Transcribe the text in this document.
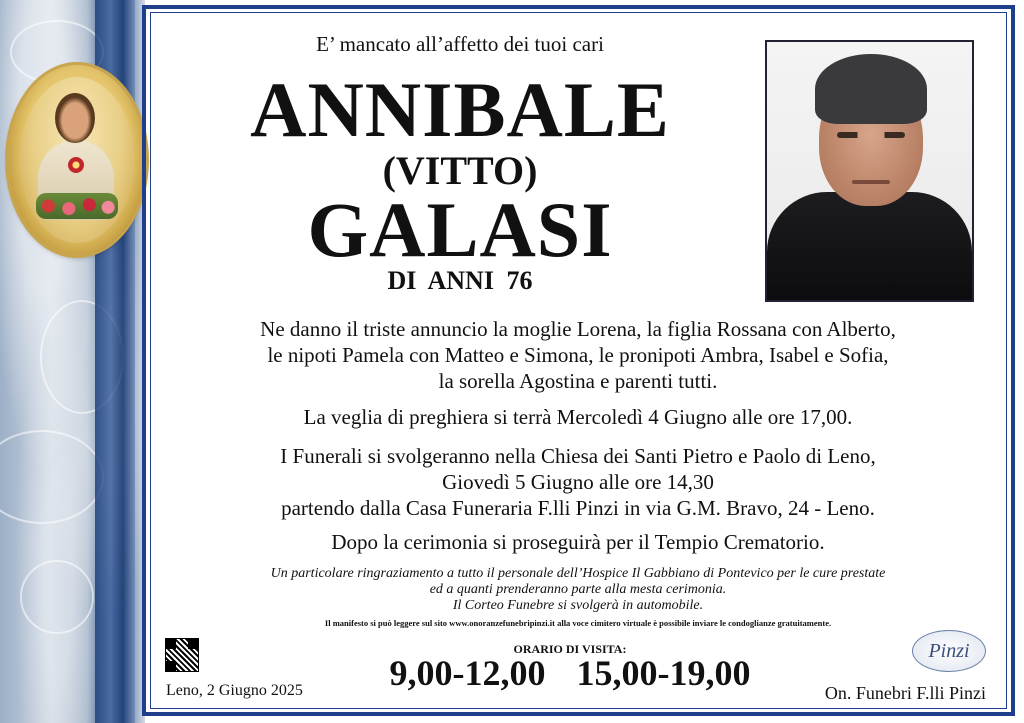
E’ mancato all’affetto dei tuoi cari
ANNIBALE
(VITTO)
GALASI
DI ANNI 76
Ne danno il triste annuncio la moglie Lorena, la figlia Rossana con Alberto,
le nipoti Pamela con Matteo e Simona, le pronipoti Ambra, Isabel e Sofia,
la sorella Agostina e parenti tutti.
La veglia di preghiera si terrà Mercoledì 4 Giugno alle ore 17,00.
I Funerali si svolgeranno nella Chiesa dei Santi Pietro e Paolo di Leno,
Giovedì 5 Giugno alle ore 14,30
partendo dalla Casa Funeraria F.lli Pinzi in via G.M. Bravo, 24 - Leno.
Dopo la cerimonia si proseguirà per il Tempio Crematorio.
Un particolare ringraziamento a tutto il personale dell’Hospice Il Gabbiano di Pontevico per le cure prestate
ed a quanti prenderanno parte alla mesta cerimonia.
Il Corteo Funebre si svolgerà in automobile.
Il manifesto si può leggere sul sito www.onoranzefunebripinzi.it alla voce cimitero virtuale è possibile inviare le condoglianze gratuitamente.
ORARIO DI VISITA:
9,00-12,00 15,00-19,00
Leno, 2 Giugno 2025
Pinzi
On. Funebri F.lli Pinzi
